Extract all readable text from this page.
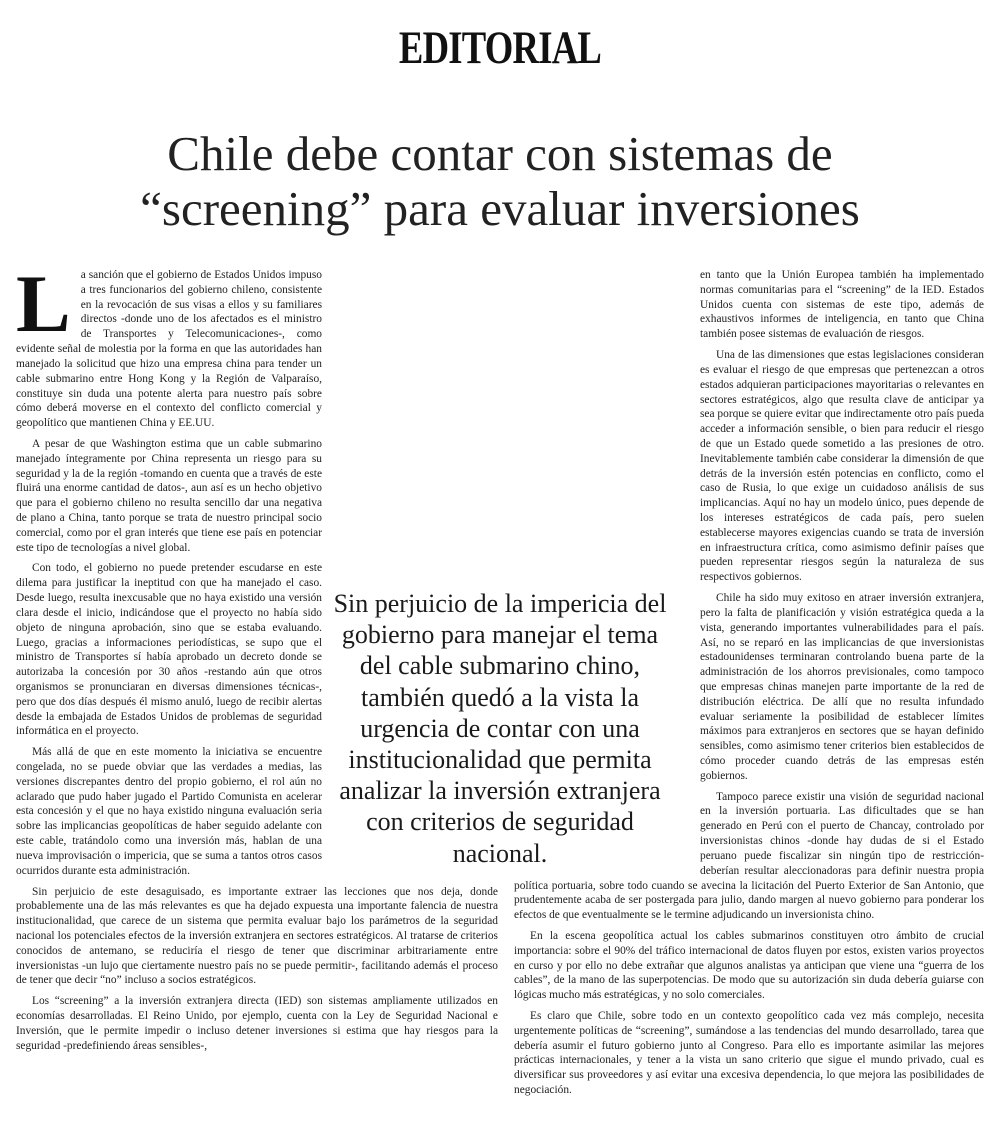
EDITORIAL
Chile debe contar con sistemas de
“screening” para evaluar inversiones

La sanción que el gobierno de Estados Unidos impuso a tres funcionarios del gobierno chileno, consistente en la revocación de sus visas a ellos y su familiares directos -donde uno de los afectados es el ministro de Transportes y Telecomunicaciones-, como evidente señal de molestia por la forma en que las autoridades han manejado la solicitud que hizo una empresa china para tender un cable submarino entre Hong Kong y la Región de Valparaíso, constituye sin duda una potente alerta para nuestro país sobre cómo deberá moverse en el contexto del conflicto comercial y geopolítico que mantienen China y EE.UU.

A pesar de que Washington estima que un cable submarino manejado íntegramente por China representa un riesgo para su seguridad y la de la región -tomando en cuenta que a través de este fluirá una enorme cantidad de datos-, aun así es un hecho objetivo que para el gobierno chileno no resulta sencillo dar una negativa de plano a China, tanto porque se trata de nuestro principal socio comercial, como por el gran interés que tiene ese país en potenciar este tipo de tecnologías a nivel global.

Con todo, el gobierno no puede pretender escudarse en este dilema para justificar la ineptitud con que ha manejado el caso. Desde luego, resulta inexcusable que no haya existido una versión clara desde el inicio, indicándose que el proyecto no había sido objeto de ninguna aprobación, sino que se estaba evaluando. Luego, gracias a informaciones periodísticas, se supo que el ministro de Transportes sí había aprobado un decreto donde se autorizaba la concesión por 30 años -restando aún que otros organismos se pronunciaran en diversas dimensiones técnicas-, pero que dos días después él mismo anuló, luego de recibir alertas desde la embajada de Estados Unidos de problemas de seguridad informática en el proyecto.

Más allá de que en este momento la iniciativa se encuentre congelada, no se puede obviar que las verdades a medias, las versiones discrepantes dentro del propio gobierno, el rol aún no aclarado que pudo haber jugado el Partido Comunista en acelerar esta concesión y el que no haya existido ninguna evaluación seria sobre las implicancias geopolíticas de haber seguido adelante con este cable, tratándolo como una inversión más, hablan de una nueva improvisación o impericia, que se suma a tantos otros casos ocurridos durante esta administración.

Sin perjuicio de este desaguisado, es importante extraer las lecciones que nos deja, donde probablemente una de las más relevantes es que ha dejado expuesta una importante falencia de nuestra institucionalidad, que carece de un sistema que permita evaluar bajo los parámetros de la seguridad nacional los potenciales efectos de la inversión extranjera en sectores estratégicos. Al tratarse de criterios conocidos de antemano, se reduciría el riesgo de tener que discriminar arbitrariamente entre inversionistas -un lujo que ciertamente nuestro país no se puede permitir-, facilitando además el proceso de tener que decir “no” incluso a socios estratégicos.

Los “screening” a la inversión extranjera directa (IED) son sistemas ampliamente utilizados en economías desarrolladas. El Reino Unido, por ejemplo, cuenta con la Ley de Seguridad Nacional e Inversión, que le permite impedir o incluso detener inversiones si estima que hay riesgos para la seguridad -predefiniendo áreas sensibles-,

en tanto que la Unión Europea también ha implementado normas comunitarias para el “screening” de la IED. Estados Unidos cuenta con sistemas de este tipo, además de exhaustivos informes de inteligencia, en tanto que China también posee sistemas de evaluación de riesgos.

Una de las dimensiones que estas legislaciones consideran es evaluar el riesgo de que empresas que pertenezcan a otros estados adquieran participaciones mayoritarias o relevantes en sectores estratégicos, algo que resulta clave de anticipar ya sea porque se quiere evitar que indirectamente otro país pueda acceder a información sensible, o bien para reducir el riesgo de que un Estado quede sometido a las presiones de otro. Inevitablemente también cabe considerar la dimensión de que detrás de la inversión estén potencias en conflicto, como el caso de Rusia, lo que exige un cuidadoso análisis de sus implicancias. Aquí no hay un modelo único, pues depende de los intereses estratégicos de cada país, pero suelen establecerse mayores exigencias cuando se trata de inversión en infraestructura crítica, como asimismo definir países que pueden representar riesgos según la naturaleza de sus respectivos gobiernos.

Chile ha sido muy exitoso en atraer inversión extranjera, pero la falta de planificación y visión estratégica queda a la vista, generando importantes vulnerabilidades para el país. Así, no se reparó en las implicancias de que inversionistas estadounidenses terminaran controlando buena parte de la administración de los ahorros previsionales, como tampoco que empresas chinas manejen parte importante de la red de distribución eléctrica. De allí que no resulta infundado evaluar seriamente la posibilidad de establecer límites máximos para extranjeros en sectores que se hayan definido sensibles, como asimismo tener criterios bien establecidos de cómo proceder cuando detrás de las empresas estén gobiernos.

Tampoco parece existir una visión de seguridad nacional en la inversión portuaria. Las dificultades que se han generado en Perú con el puerto de Chancay, controlado por inversionistas chinos -donde hay dudas de si el Estado peruano puede fiscalizar sin ningún tipo de restricción- deberían resultar aleccionadoras para definir nuestra propia política portuaria, sobre todo cuando se avecina la licitación del Puerto Exterior de San Antonio, que prudentemente acaba de ser postergada para julio, dando margen al nuevo gobierno para ponderar los efectos de que eventualmente se le termine adjudicando un inversionista chino.

En la escena geopolítica actual los cables submarinos constituyen otro ámbito de crucial importancia: sobre el 90% del tráfico internacional de datos fluyen por estos, existen varios proyectos en curso y por ello no debe extrañar que algunos analistas ya anticipan que viene una “guerra de los cables”, de la mano de las superpotencias. De modo que su autorización sin duda debería guiarse con lógicas mucho más estratégicas, y no solo comerciales.

Es claro que Chile, sobre todo en un contexto geopolítico cada vez más complejo, necesita urgentemente políticas de “screening”, sumándose a las tendencias del mundo desarrollado, tarea que debería asumir el futuro gobierno junto al Congreso. Para ello es importante asimilar las mejores prácticas internacionales, y tener a la vista un sano criterio que sigue el mundo privado, cual es diversificar sus proveedores y así evitar una excesiva dependencia, lo que mejora las posibilidades de negociación.

Sin perjuicio de la impericia del gobierno para manejar el tema del cable submarino chino, también quedó a la vista la urgencia de contar con una institucionalidad que permita analizar la inversión extranjera con criterios de seguridad nacional.
